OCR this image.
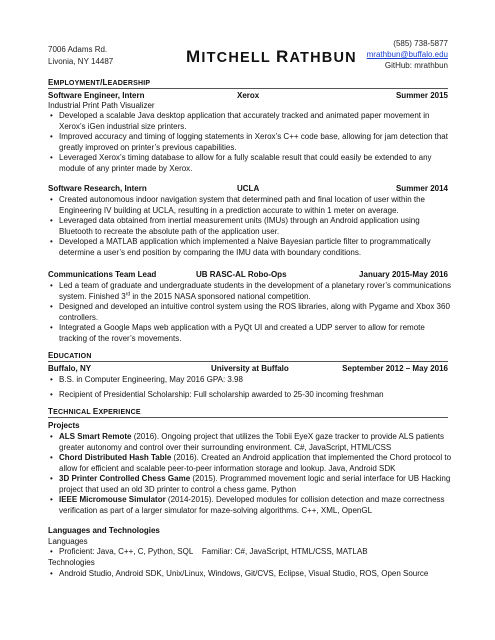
7006 Adams Rd.
Livonia, NY 14487	MITCHELL RATHBUN
(585) 738-5877
mrathbun@buffalo.edu
GitHub: mrathbun
EMPLOYMENT/LEADERSHIP
Software Engineer, Intern	Xerox	Summer 2015
Industrial Print Path Visualizer
• Developed a scalable Java desktop application that accurately tracked and animated paper movement in Xerox’s iGen industrial size printers.
• Improved accuracy and timing of logging statements in Xerox’s C++ code base, allowing for jam detection that greatly improved on printer’s previous capabilities.
• Leveraged Xerox’s timing database to allow for a fully scalable result that could easily be extended to any module of any printer made by Xerox.
Software Research, Intern	UCLA	Summer 2014
• Created autonomous indoor navigation system that determined path and final location of user within the Engineering IV building at UCLA, resulting in a prediction accurate to within 1 meter on average.
• Leveraged data obtained from inertial measurement units (IMUs) through an Android application using Bluetooth to recreate the absolute path of the application user.
• Developed a MATLAB application which implemented a Naive Bayesian particle filter to programmatically determine a user’s end position by comparing the IMU data with boundary conditions.
Communications Team Lead	UB RASC-AL Robo-Ops	January 2015-May 2016
• Led a team of graduate and undergraduate students in the development of a planetary rover’s communications system. Finished 3rd in the 2015 NASA sponsored national competition.
• Designed and developed an intuitive control system using the ROS libraries, along with Pygame and Xbox 360 controllers.
• Integrated a Google Maps web application with a PyQt UI and created a UDP server to allow for remote tracking of the rover’s movements.
EDUCATION
Buffalo, NY	University at Buffalo	September 2012 – May 2016
• B.S. in Computer Engineering, May 2016 GPA: 3.98
• Recipient of Presidential Scholarship: Full scholarship awarded to 25-30 incoming freshman
TECHNICAL EXPERIENCE
Projects
• ALS Smart Remote (2016). Ongoing project that utilizes the Tobii EyeX gaze tracker to provide ALS patients greater autonomy and control over their surrounding environment. C#, JavaScript, HTML/CSS
• Chord Distributed Hash Table (2016). Created an Android application that implemented the Chord protocol to allow for efficient and scalable peer-to-peer information storage and lookup. Java, Android SDK
• 3D Printer Controlled Chess Game (2015). Programmed movement logic and serial interface for UB Hacking project that used an old 3D printer to control a chess game. Python
• IEEE Micromouse Simulator (2014-2015). Developed modules for collision detection and maze correctness verification as part of a larger simulator for maze-solving algorithms. C++, XML, OpenGL
Languages and Technologies
Languages
• Proficient: Java, C++, C, Python, SQL    Familiar: C#, JavaScript, HTML/CSS, MATLAB
Technologies
• Android Studio, Android SDK, Unix/Linux, Windows, Git/CVS, Eclipse, Visual Studio, ROS, Open Source
